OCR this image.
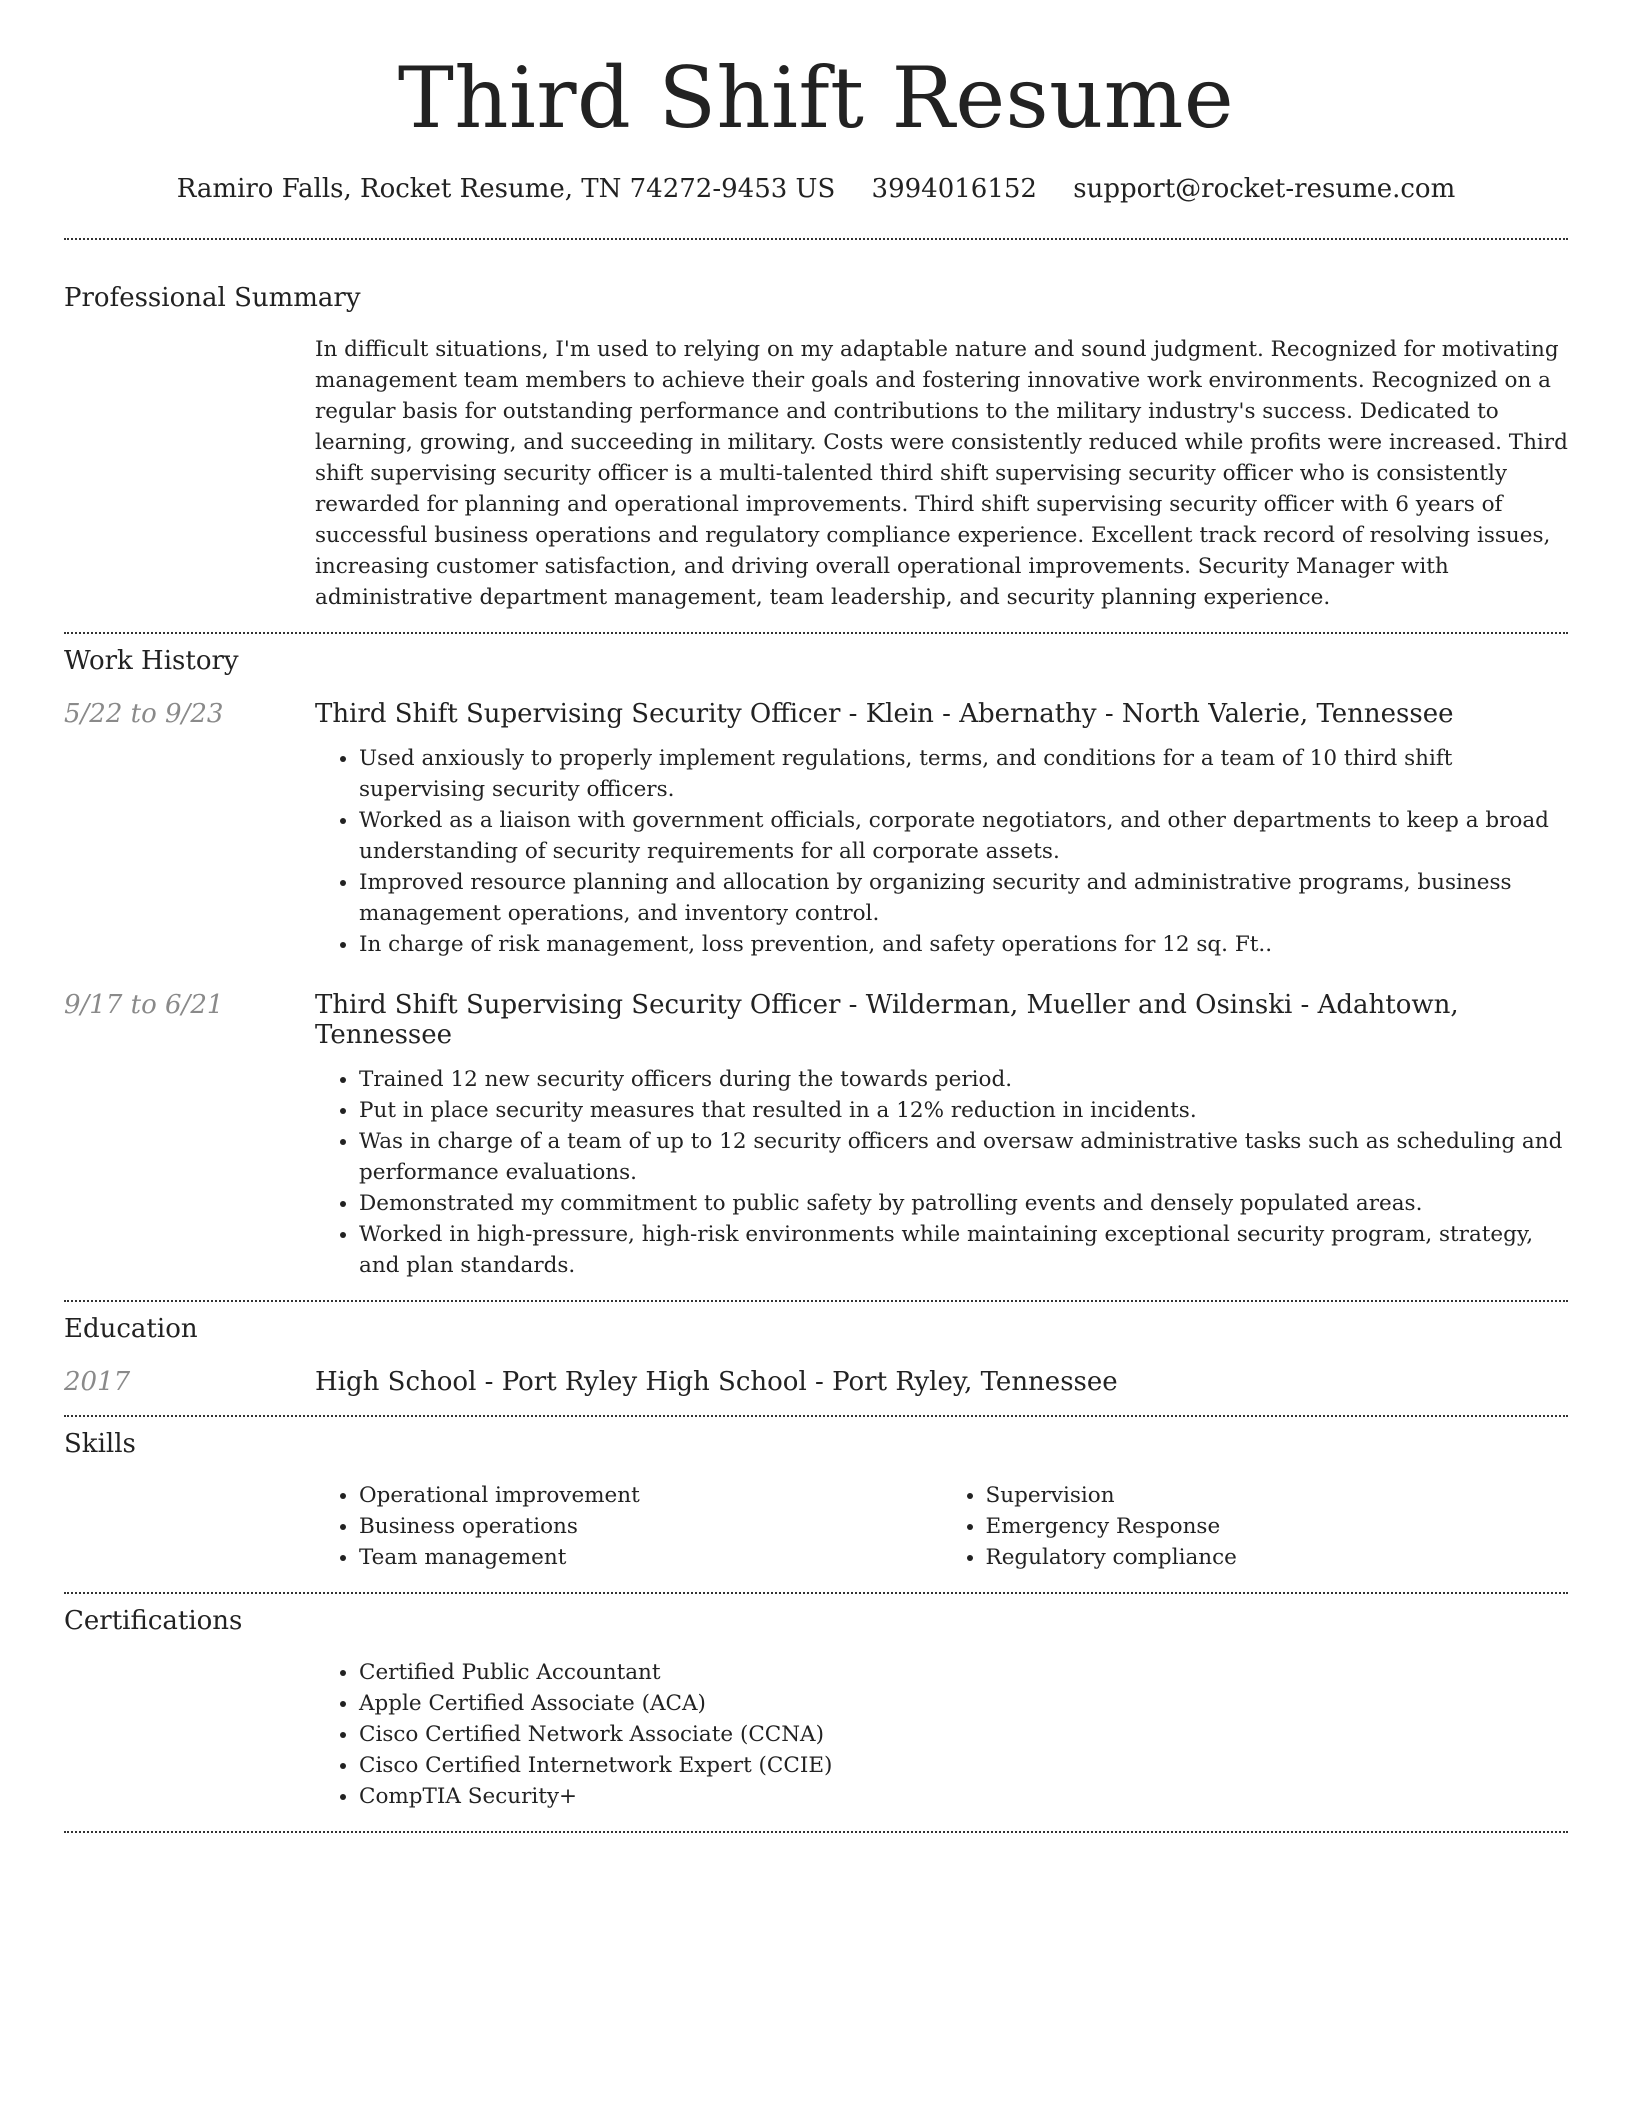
Third Shift Resume
Ramiro Falls, Rocket Resume, TN 74272-9453 US 3994016152 support@rocket-resume.com
Professional Summary
In difficult situations, I'm used to relying on my adaptable nature and sound judgment. Recognized for motivating management team members to achieve their goals and fostering innovative work environments. Recognized on a regular basis for outstanding performance and contributions to the military industry's success. Dedicated to learning, growing, and succeeding in military. Costs were consistently reduced while profits were increased. Third shift supervising security officer is a multi-talented third shift supervising security officer who is consistently rewarded for planning and operational improvements. Third shift supervising security officer with 6 years of successful business operations and regulatory compliance experience. Excellent track record of resolving issues, increasing customer satisfaction, and driving overall operational improvements. Security Manager with administrative department management, team leadership, and security planning experience.
Work History
5/22 to 9/23	Third Shift Supervising Security Officer - Klein - Abernathy - North Valerie, Tennessee
• Used anxiously to properly implement regulations, terms, and conditions for a team of 10 third shift supervising security officers.
• Worked as a liaison with government officials, corporate negotiators, and other departments to keep a broad understanding of security requirements for all corporate assets.
• Improved resource planning and allocation by organizing security and administrative programs, business management operations, and inventory control.
• In charge of risk management, loss prevention, and safety operations for 12 sq. Ft..
9/17 to 6/21	Third Shift Supervising Security Officer - Wilderman, Mueller and Osinski - Adahtown, Tennessee
• Trained 12 new security officers during the towards period.
• Put in place security measures that resulted in a 12% reduction in incidents.
• Was in charge of a team of up to 12 security officers and oversaw administrative tasks such as scheduling and performance evaluations.
• Demonstrated my commitment to public safety by patrolling events and densely populated areas.
• Worked in high-pressure, high-risk environments while maintaining exceptional security program, strategy, and plan standards.
Education
2017	High School - Port Ryley High School - Port Ryley, Tennessee
Skills
• Operational improvement
• Business operations
• Team management
• Supervision
• Emergency Response
• Regulatory compliance
Certifications
• Certified Public Accountant
• Apple Certified Associate (ACA)
• Cisco Certified Network Associate (CCNA)
• Cisco Certified Internetwork Expert (CCIE)
• CompTIA Security+
